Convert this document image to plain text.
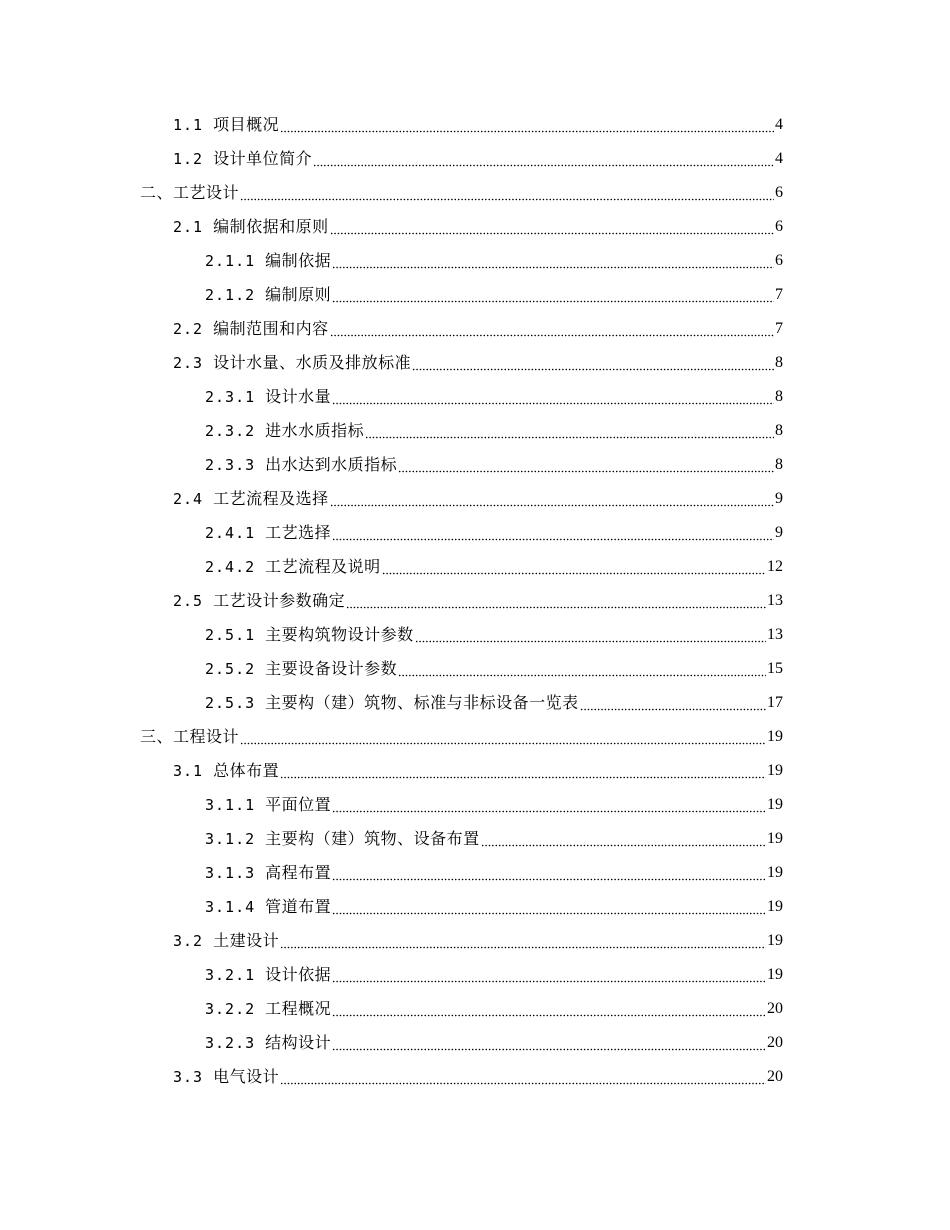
1.1 项目概况	4
1.2 设计单位简介	4
二、工艺设计	6
2.1 编制依据和原则	6
2.1.1 编制依据	6
2.1.2 编制原则	7
2.2 编制范围和内容	7
2.3 设计水量、水质及排放标准	8
2.3.1 设计水量	8
2.3.2 进水水质指标	8
2.3.3 出水达到水质指标	8
2.4 工艺流程及选择	9
2.4.1 工艺选择	9
2.4.2 工艺流程及说明	12
2.5 工艺设计参数确定	13
2.5.1 主要构筑物设计参数	13
2.5.2 主要设备设计参数	15
2.5.3 主要构（建）筑物、标准与非标设备一览表	17
三、工程设计	19
3.1 总体布置	19
3.1.1 平面位置	19
3.1.2 主要构（建）筑物、设备布置	19
3.1.3 高程布置	19
3.1.4 管道布置	19
3.2 土建设计	19
3.2.1 设计依据	19
3.2.2 工程概况	20
3.2.3 结构设计	20
3.3 电气设计	20
